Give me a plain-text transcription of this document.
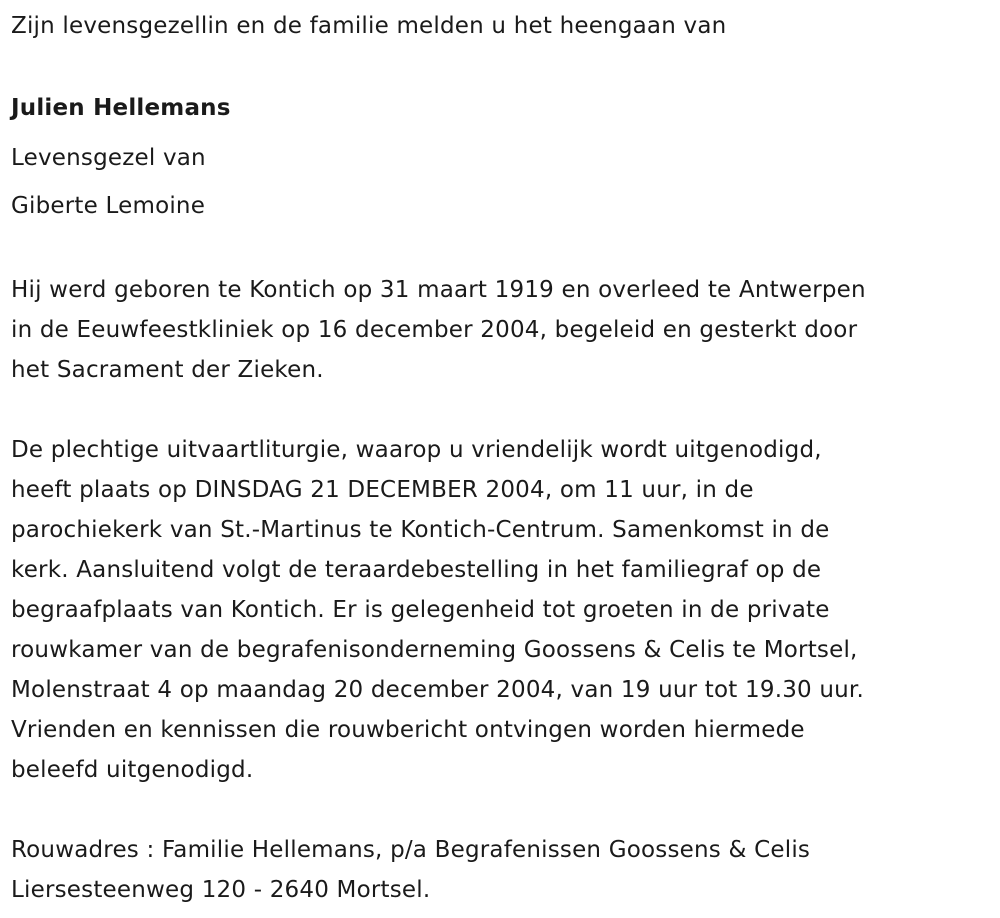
Zijn levensgezellin en de familie melden u het heengaan van
Julien Hellemans
Levensgezel van
Giberte Lemoine
Hij werd geboren te Kontich op 31 maart 1919 en overleed te Antwerpen
in de Eeuwfeestkliniek op 16 december 2004, begeleid en gesterkt door
het Sacrament der Zieken.
De plechtige uitvaartliturgie, waarop u vriendelijk wordt uitgenodigd,
heeft plaats op DINSDAG 21 DECEMBER 2004, om 11 uur, in de
parochiekerk van St.-Martinus te Kontich-Centrum. Samenkomst in de
kerk. Aansluitend volgt de teraardebestelling in het familiegraf op de
begraafplaats van Kontich. Er is gelegenheid tot groeten in de private
rouwkamer van de begrafenisonderneming Goossens & Celis te Mortsel,
Molenstraat 4 op maandag 20 december 2004, van 19 uur tot 19.30 uur.
Vrienden en kennissen die rouwbericht ontvingen worden hiermede
beleefd uitgenodigd.
Rouwadres : Familie Hellemans, p/a Begrafenissen Goossens & Celis
Liersesteenweg 120 - 2640 Mortsel.
